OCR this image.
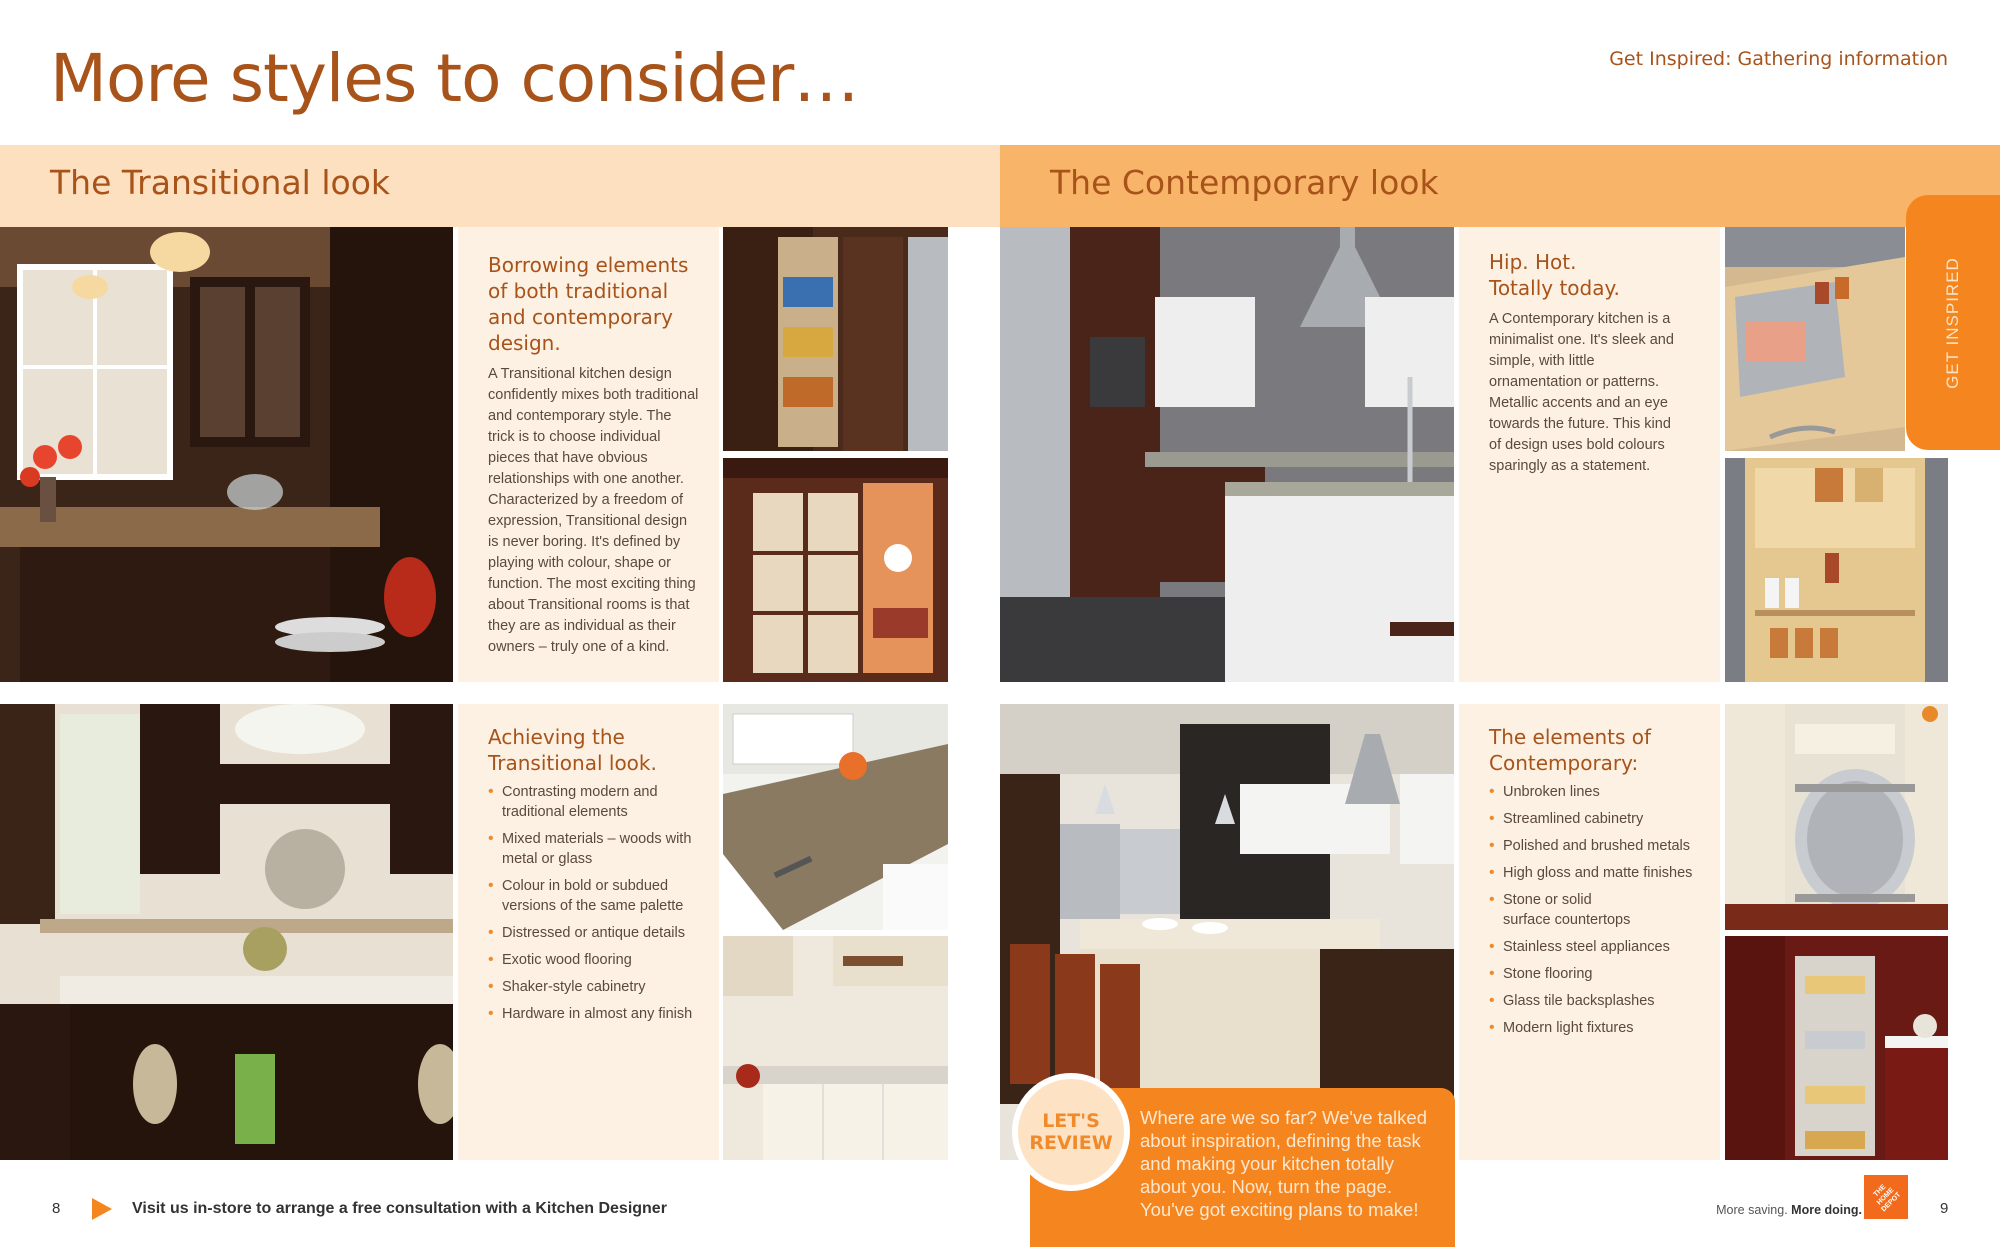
More styles to consider…	Get Inspired: Gathering information
The Transitional look	The Contemporary look
GET INSPIRED
Borrowing elements of both traditional and contemporary design.
A Transitional kitchen design confidently mixes both traditional and contemporary style. The trick is to choose individual pieces that have obvious relationships with one another. Characterized by a freedom of expression, Transitional design is never boring. It's defined by playing with colour, shape or function. The most exciting thing about Transitional rooms is that they are as individual as their owners – truly one of a kind.
Achieving the Transitional look.
• Contrasting modern and traditional elements
• Mixed materials – woods with metal or glass
• Colour in bold or subdued versions of the same palette
• Distressed or antique details
• Exotic wood flooring
• Shaker-style cabinetry
• Hardware in almost any finish
Hip. Hot. Totally today.
A Contemporary kitchen is a minimalist one. It's sleek and simple, with little ornamentation or patterns. Metallic accents and an eye towards the future. This kind of design uses bold colours sparingly as a statement.
The elements of Contemporary:
• Unbroken lines
• Streamlined cabinetry
• Polished and brushed metals
• High gloss and matte finishes
• Stone or solid surface countertops
• Stainless steel appliances
• Stone flooring
• Glass tile backsplashes
• Modern light fixtures
Where are we so far? We've talked about inspiration, defining the task and making your kitchen totally about you. Now, turn the page. You've got exciting plans to make!
LET'S
REVIEW
8	Visit us in-store to arrange a free consultation with a Kitchen Designer	More saving. More doing.
THE
HOME
DEPOT	9
